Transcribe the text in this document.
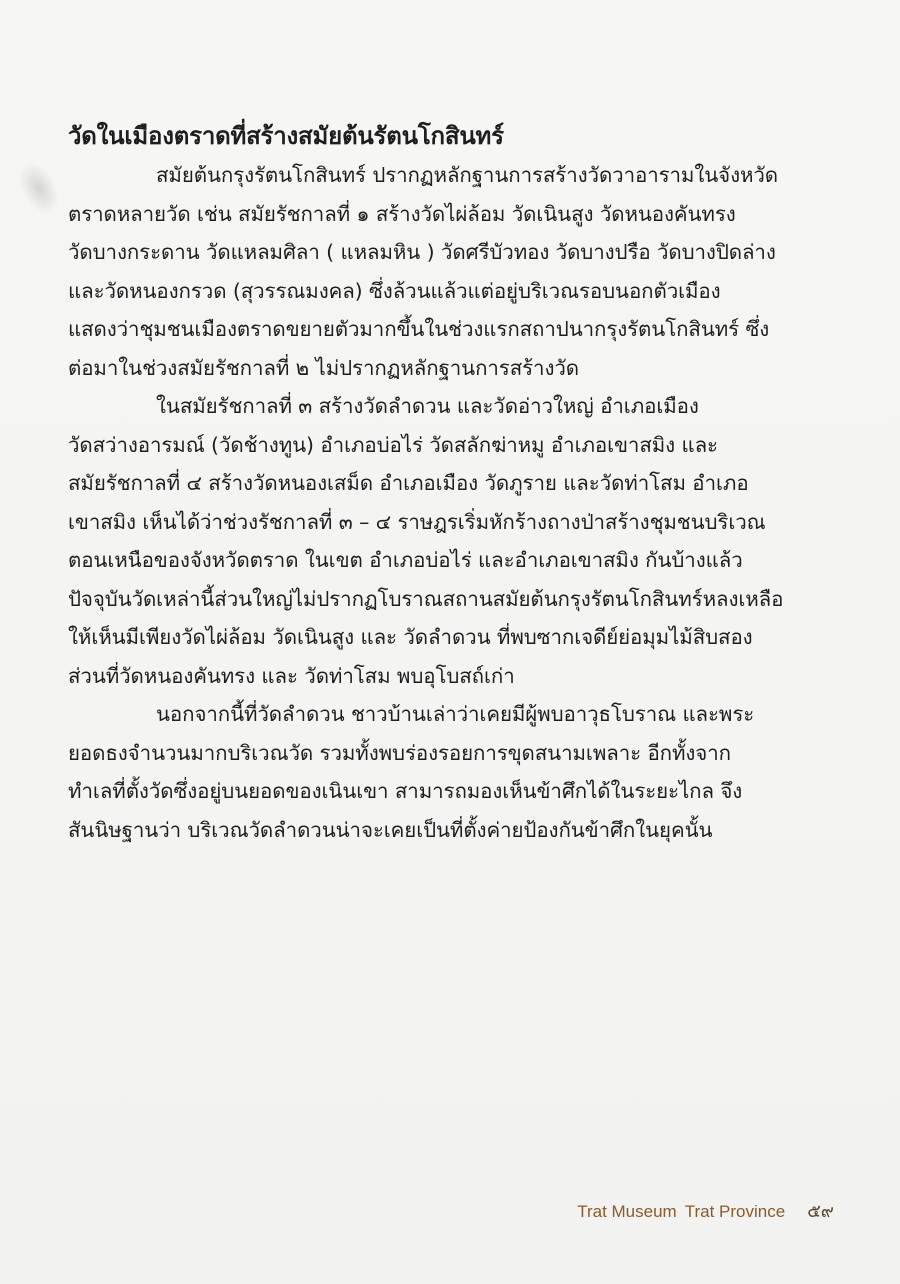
วัดในเมืองตราดที่สร้างสมัยต้นรัตนโกสินทร์
สมัยต้นกรุงรัตนโกสินทร์ ปรากฏหลักฐานการสร้างวัดวาอารามในจังหวัด
ตราดหลายวัด เช่น สมัยรัชกาลที่ ๑ สร้างวัดไผ่ล้อม วัดเนินสูง วัดหนองคันทรง
วัดบางกระดาน วัดแหลมศิลา ( แหลมหิน ) วัดศรีบัวทอง วัดบางปรือ วัดบางปิดล่าง
และวัดหนองกรวด (สุวรรณมงคล) ซึ่งล้วนแล้วแต่อยู่บริเวณรอบนอกตัวเมือง
แสดงว่าชุมชนเมืองตราดขยายตัวมากขึ้นในช่วงแรกสถาปนากรุงรัตนโกสินทร์ ซึ่ง
ต่อมาในช่วงสมัยรัชกาลที่ ๒ ไม่ปรากฏหลักฐานการสร้างวัด
ในสมัยรัชกาลที่ ๓ สร้างวัดลำดวน และวัดอ่าวใหญ่ อำเภอเมือง
วัดสว่างอารมณ์ (วัดช้างทูน) อำเภอบ่อไร่ วัดสลักฆ่าหมู อำเภอเขาสมิง และ
สมัยรัชกาลที่ ๔ สร้างวัดหนองเสม็ด อำเภอเมือง วัดภูราย และวัดท่าโสม อำเภอ
เขาสมิง เห็นได้ว่าช่วงรัชกาลที่ ๓ – ๔ ราษฎรเริ่มหักร้างถางป่าสร้างชุมชนบริเวณ
ตอนเหนือของจังหวัดตราด ในเขต อำเภอบ่อไร่ และอำเภอเขาสมิง กันบ้างแล้ว
ปัจจุบันวัดเหล่านี้ส่วนใหญ่ไม่ปรากฏโบราณสถานสมัยต้นกรุงรัตนโกสินทร์หลงเหลือ
ให้เห็นมีเพียงวัดไผ่ล้อม วัดเนินสูง และ วัดลำดวน ที่พบซากเจดีย์ย่อมุมไม้สิบสอง
ส่วนที่วัดหนองคันทรง และ วัดท่าโสม พบอุโบสถ์เก่า
นอกจากนี้ที่วัดลำดวน ชาวบ้านเล่าว่าเคยมีผู้พบอาวุธโบราณ และพระ
ยอดธงจำนวนมากบริเวณวัด รวมทั้งพบร่องรอยการขุดสนามเพลาะ อีกทั้งจาก
ทำเลที่ตั้งวัดซึ่งอยู่บนยอดของเนินเขา สามารถมองเห็นข้าศึกได้ในระยะไกล จึง
สันนิษฐานว่า บริเวณวัดลำดวนน่าจะเคยเป็นที่ตั้งค่ายป้องกันข้าศึกในยุคนั้น
Trat Museum Trat Province ๕๙
